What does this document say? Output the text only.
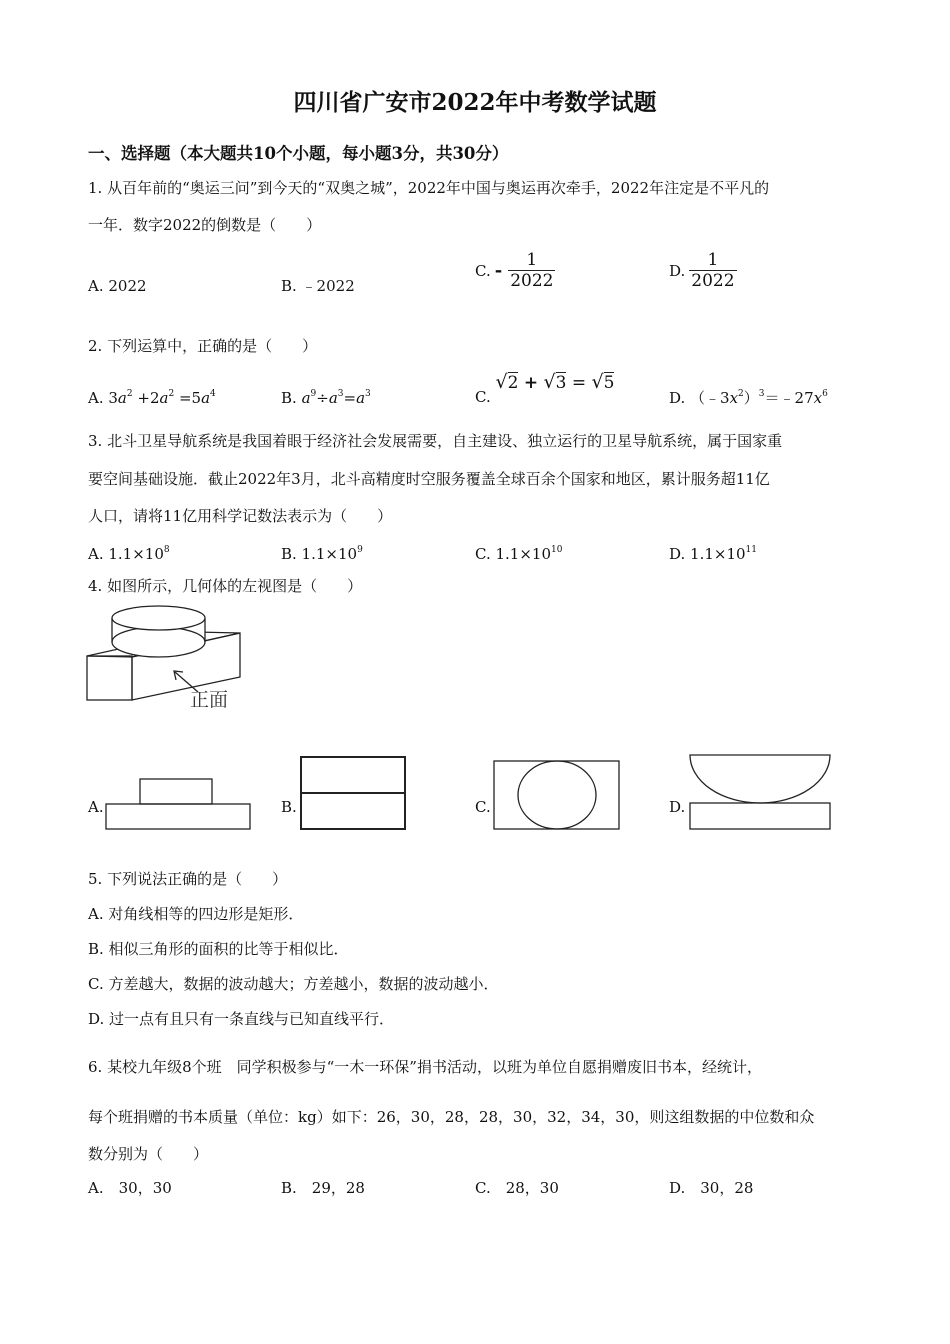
四川省广安市2022年中考数学试题
一、选择题（本大题共10个小题，每小题3分，共30分）
1. 从百年前的“奥运三问”到今天的“双奥之城”，2022年中国与奥运再次牵手，2022年注定是不平凡的
一年．数字2022的倒数是（　　）
A. 2022	B. ﹣2022
C. - $\frac{1}{2022}$	D. $\frac{1}{2022}$
2. 下列运算中，正确的是（　　）
A. $3a^2 +2a^2 =5a^4$	B. $a^9\div a^3=a^3$	C. √2 + √3 = √5
D. $(﹣3x^2)^3=﹣27x^6$
3. 北斗卫星导航系统是我国着眼于经济社会发展需要，自主建设、独立运行的卫星导航系统，属于国家重
要空间基础设施．截止2022年3月，北斗高精度时空服务覆盖全球百余个国家和地区，累计服务超11亿
人口，请将11亿用科学记数法表示为（　　）
A. $1.1\times 10^8$	B. $1.1\times 10^9$	C. $1.1\times 10^{10}$	D. $1.1\times 10^{11}$
4. 如图所示，几何体的左视图是（　　）
正面
A.	B.	C.	D.
5. 下列说法正确的是（　　）
A. 对角线相等的四边形是矩形．
B. 相似三角形的面积的比等于相似比．
C. 方差越大，数据的波动越大；方差越小，数据的波动越小．
D. 过一点有且只有一条直线与已知直线平行．
6. 某校九年级8个班　同学积极参与“一木一环保”捐书活动，以班为单位自愿捐赠废旧书本，经统计，
每个班捐赠的书本质量（单位：kg）如下：26，30，28，28，30，32，34，30，则这组数据的中位数和众
数分别为（　　）
A.　30，30	B.　29，28	C.　28，30	D.　30，28
